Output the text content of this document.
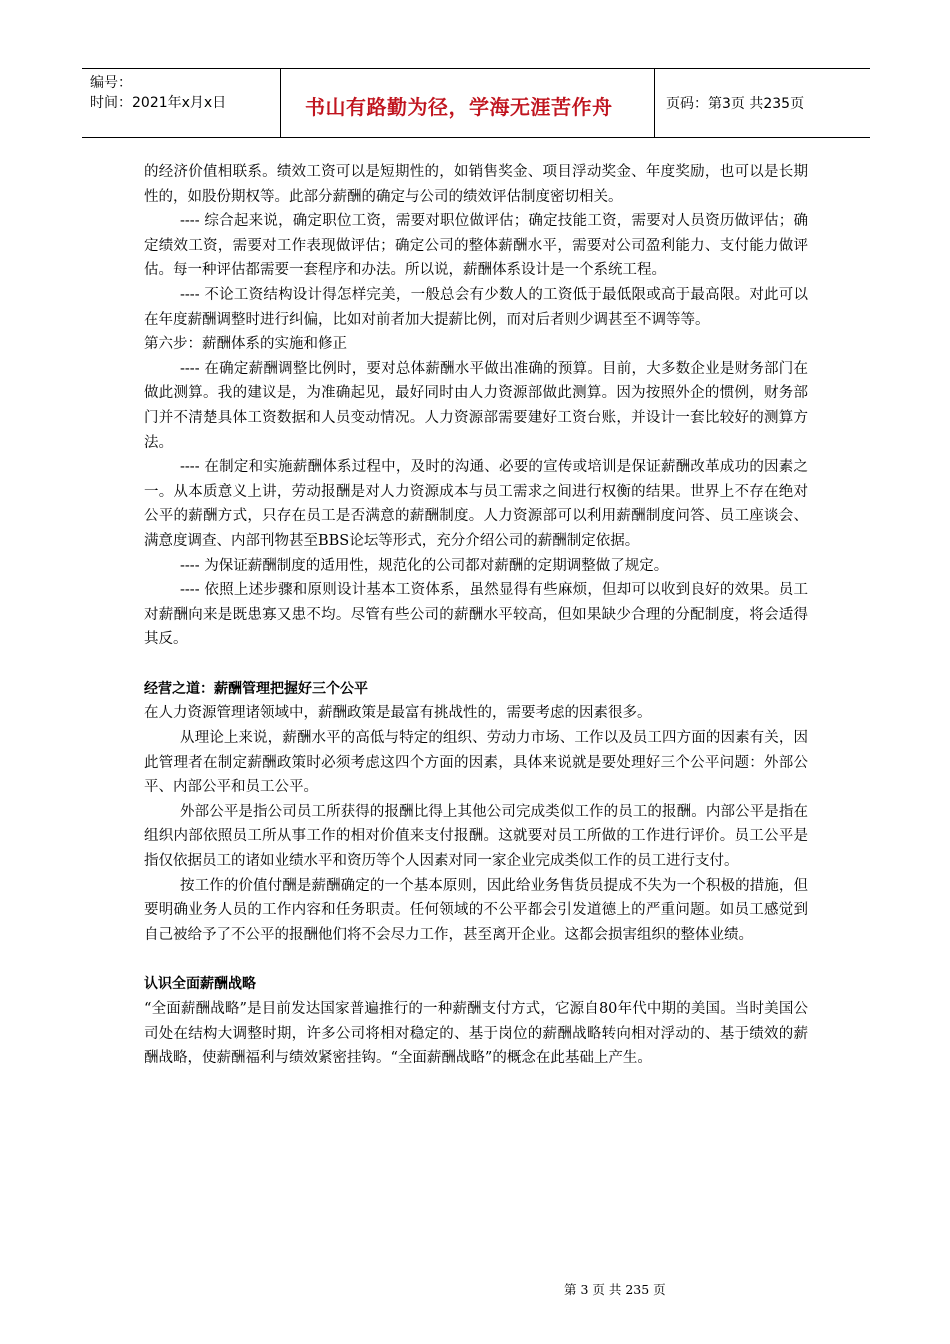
编号：
时间：2021年x月x日	书山有路勤为径，学海无涯苦作舟	页码：第3页 共235页

的经济价值相联系。绩效工资可以是短期性的，如销售奖金、项目浮动奖金、年度奖励，也可以是长期性的，如股份期权等。此部分薪酬的确定与公司的绩效评估制度密切相关。

---- 综合起来说，确定职位工资，需要对职位做评估；确定技能工资，需要对人员资历做评估；确定绩效工资，需要对工作表现做评估；确定公司的整体薪酬水平，需要对公司盈利能力、支付能力做评估。每一种评估都需要一套程序和办法。所以说，薪酬体系设计是一个系统工程。

---- 不论工资结构设计得怎样完美，一般总会有少数人的工资低于最低限或高于最高限。对此可以在年度薪酬调整时进行纠偏，比如对前者加大提薪比例，而对后者则少调甚至不调等等。

第六步：薪酬体系的实施和修正

---- 在确定薪酬调整比例时，要对总体薪酬水平做出准确的预算。目前，大多数企业是财务部门在做此测算。我的建议是，为准确起见，最好同时由人力资源部做此测算。因为按照外企的惯例，财务部门并不清楚具体工资数据和人员变动情况。人力资源部需要建好工资台账，并设计一套比较好的测算方法。

---- 在制定和实施薪酬体系过程中，及时的沟通、必要的宣传或培训是保证薪酬改革成功的因素之一。从本质意义上讲，劳动报酬是对人力资源成本与员工需求之间进行权衡的结果。世界上不存在绝对公平的薪酬方式，只存在员工是否满意的薪酬制度。人力资源部可以利用薪酬制度问答、员工座谈会、满意度调查、内部刊物甚至BBS论坛等形式，充分介绍公司的薪酬制定依据。

---- 为保证薪酬制度的适用性，规范化的公司都对薪酬的定期调整做了规定。

---- 依照上述步骤和原则设计基本工资体系，虽然显得有些麻烦，但却可以收到良好的效果。员工对薪酬向来是既患寡又患不均。尽管有些公司的薪酬水平较高，但如果缺少合理的分配制度，将会适得其反。

经营之道：薪酬管理把握好三个公平

在人力资源管理诸领域中，薪酬政策是最富有挑战性的，需要考虑的因素很多。

从理论上来说，薪酬水平的高低与特定的组织、劳动力市场、工作以及员工四方面的因素有关，因此管理者在制定薪酬政策时必须考虑这四个方面的因素，具体来说就是要处理好三个公平问题：外部公平、内部公平和员工公平。

外部公平是指公司员工所获得的报酬比得上其他公司完成类似工作的员工的报酬。内部公平是指在组织内部依照员工所从事工作的相对价值来支付报酬。这就要对员工所做的工作进行评价。员工公平是指仅依据员工的诸如业绩水平和资历等个人因素对同一家企业完成类似工作的员工进行支付。

按工作的价值付酬是薪酬确定的一个基本原则，因此给业务售货员提成不失为一个积极的措施，但要明确业务人员的工作内容和任务职责。任何领域的不公平都会引发道德上的严重问题。如员工感觉到自己被给予了不公平的报酬他们将不会尽力工作，甚至离开企业。这都会损害组织的整体业绩。

认识全面薪酬战略

“全面薪酬战略”是目前发达国家普遍推行的一种薪酬支付方式，它源自80年代中期的美国。当时美国公司处在结构大调整时期，许多公司将相对稳定的、基于岗位的薪酬战略转向相对浮动的、基于绩效的薪酬战略，使薪酬福利与绩效紧密挂钩。“全面薪酬战略”的概念在此基础上产生。

第 3 页 共 235 页
